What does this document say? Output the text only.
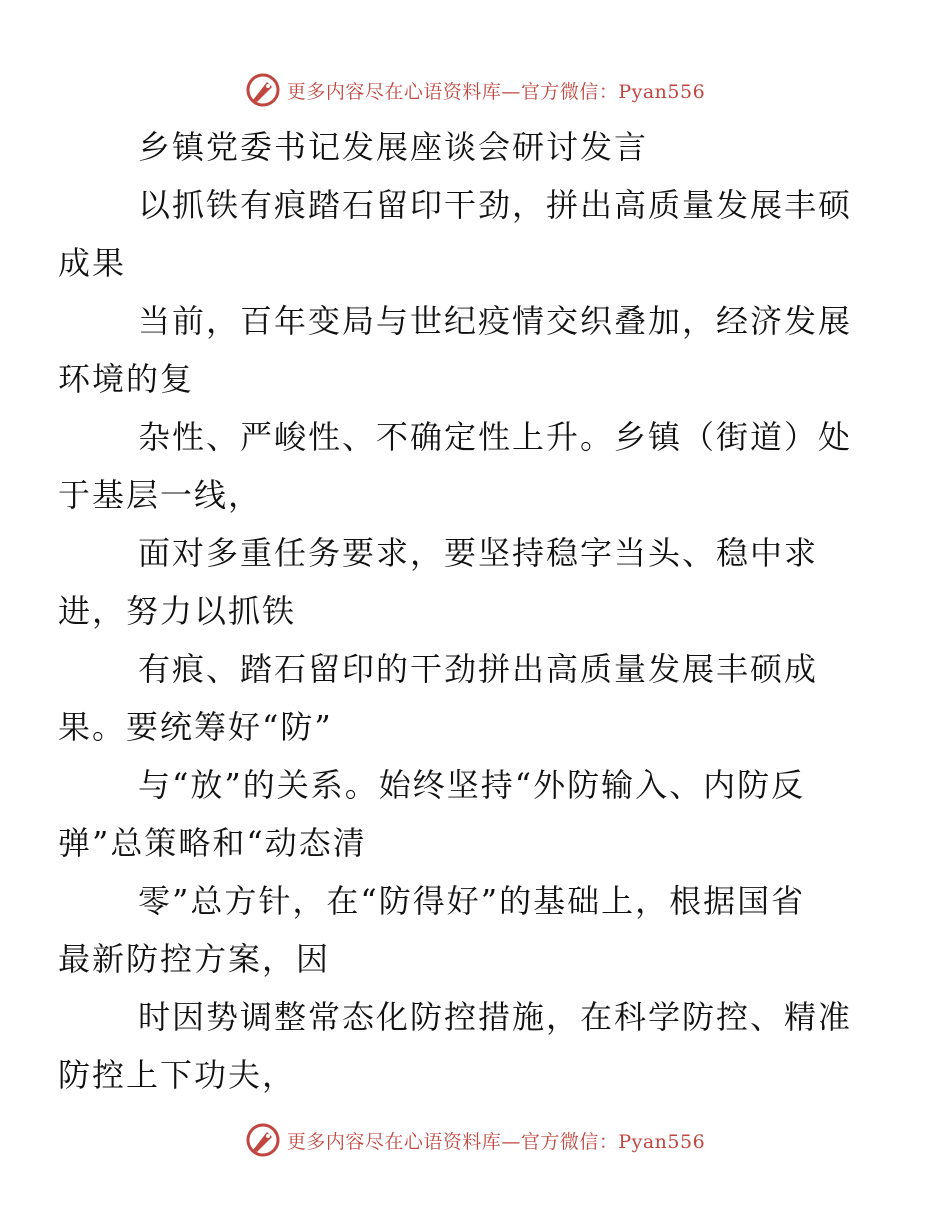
更多内容尽在心语资料库—官方微信：Pyan556

乡镇党委书记发展座谈会研讨发言

以抓铁有痕踏石留印干劲，拼出高质量发展丰硕
成果

当前，百年变局与世纪疫情交织叠加，经济发展
环境的复

杂性、严峻性、不确定性上升。乡镇（街道）处
于基层一线，

面对多重任务要求，要坚持稳字当头、稳中求
进，努力以抓铁

有痕、踏石留印的干劲拼出高质量发展丰硕成
果。要统筹好“防”

与“放”的关系。始终坚持“外防输入、内防反
弹”总策略和“动态清

零”总方针，在“防得好”的基础上，根据国省
最新防控方案，因

时因势调整常态化防控措施，在科学防控、精准
防控上下功夫，

更多内容尽在心语资料库—官方微信：Pyan556
